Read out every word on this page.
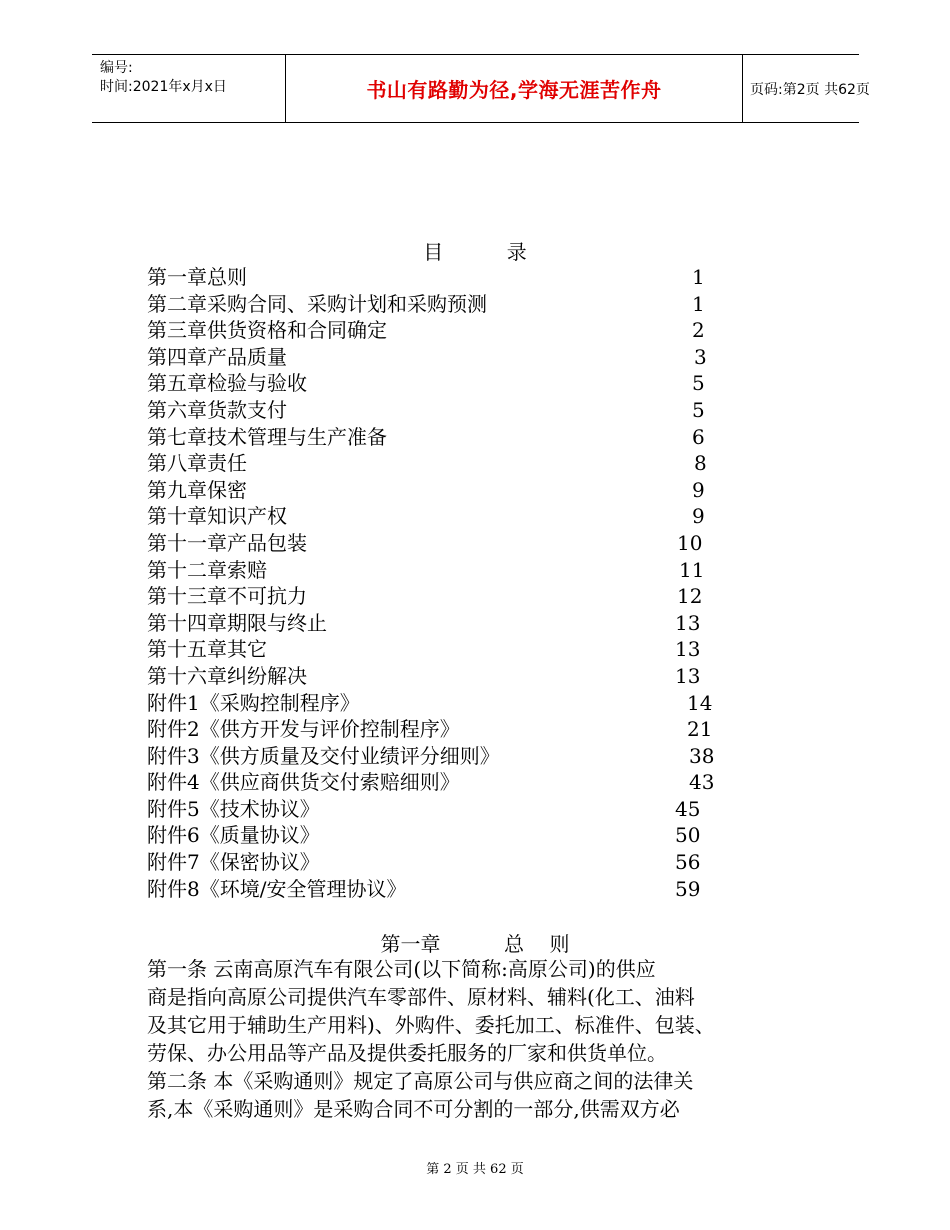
编号:
时间:2021年x月x日	书山有路勤为径,学海无涯苦作舟	页码:第2页 共62页
目          录
第一章总则	1
第二章采购合同、采购计划和采购预测	1
第三章供货资格和合同确定	2
第四章产品质量	3
第五章检验与验收	5
第六章货款支付	5
第七章技术管理与生产准备	6
第八章责任	8
第九章保密	9
第十章知识产权	9
第十一章产品包装	10
第十二章索赔	11
第十三章不可抗力	12
第十四章期限与终止	13
第十五章其它	13
第十六章纠纷解决	13
附件1《采购控制程序》	14
附件2《供方开发与评价控制程序》	21
附件3《供方质量及交付业绩评分细则》	38
附件4《供应商供货交付索赔细则》	43
附件5《技术协议》	45
附件6《质量协议》	50
附件7《保密协议》	56
附件8《环境/安全管理协议》	59
第一章          总    则
第一条 云南高原汽车有限公司(以下简称:高原公司)的供应
商是指向高原公司提供汽车零部件、原材料、辅料(化工、油料
及其它用于辅助生产用料)、外购件、委托加工、标准件、包装、
劳保、办公用品等产品及提供委托服务的厂家和供货单位。
第二条 本《采购通则》规定了高原公司与供应商之间的法律关
系,本《采购通则》是采购合同不可分割的一部分,供需双方必
第 2 页 共 62 页
